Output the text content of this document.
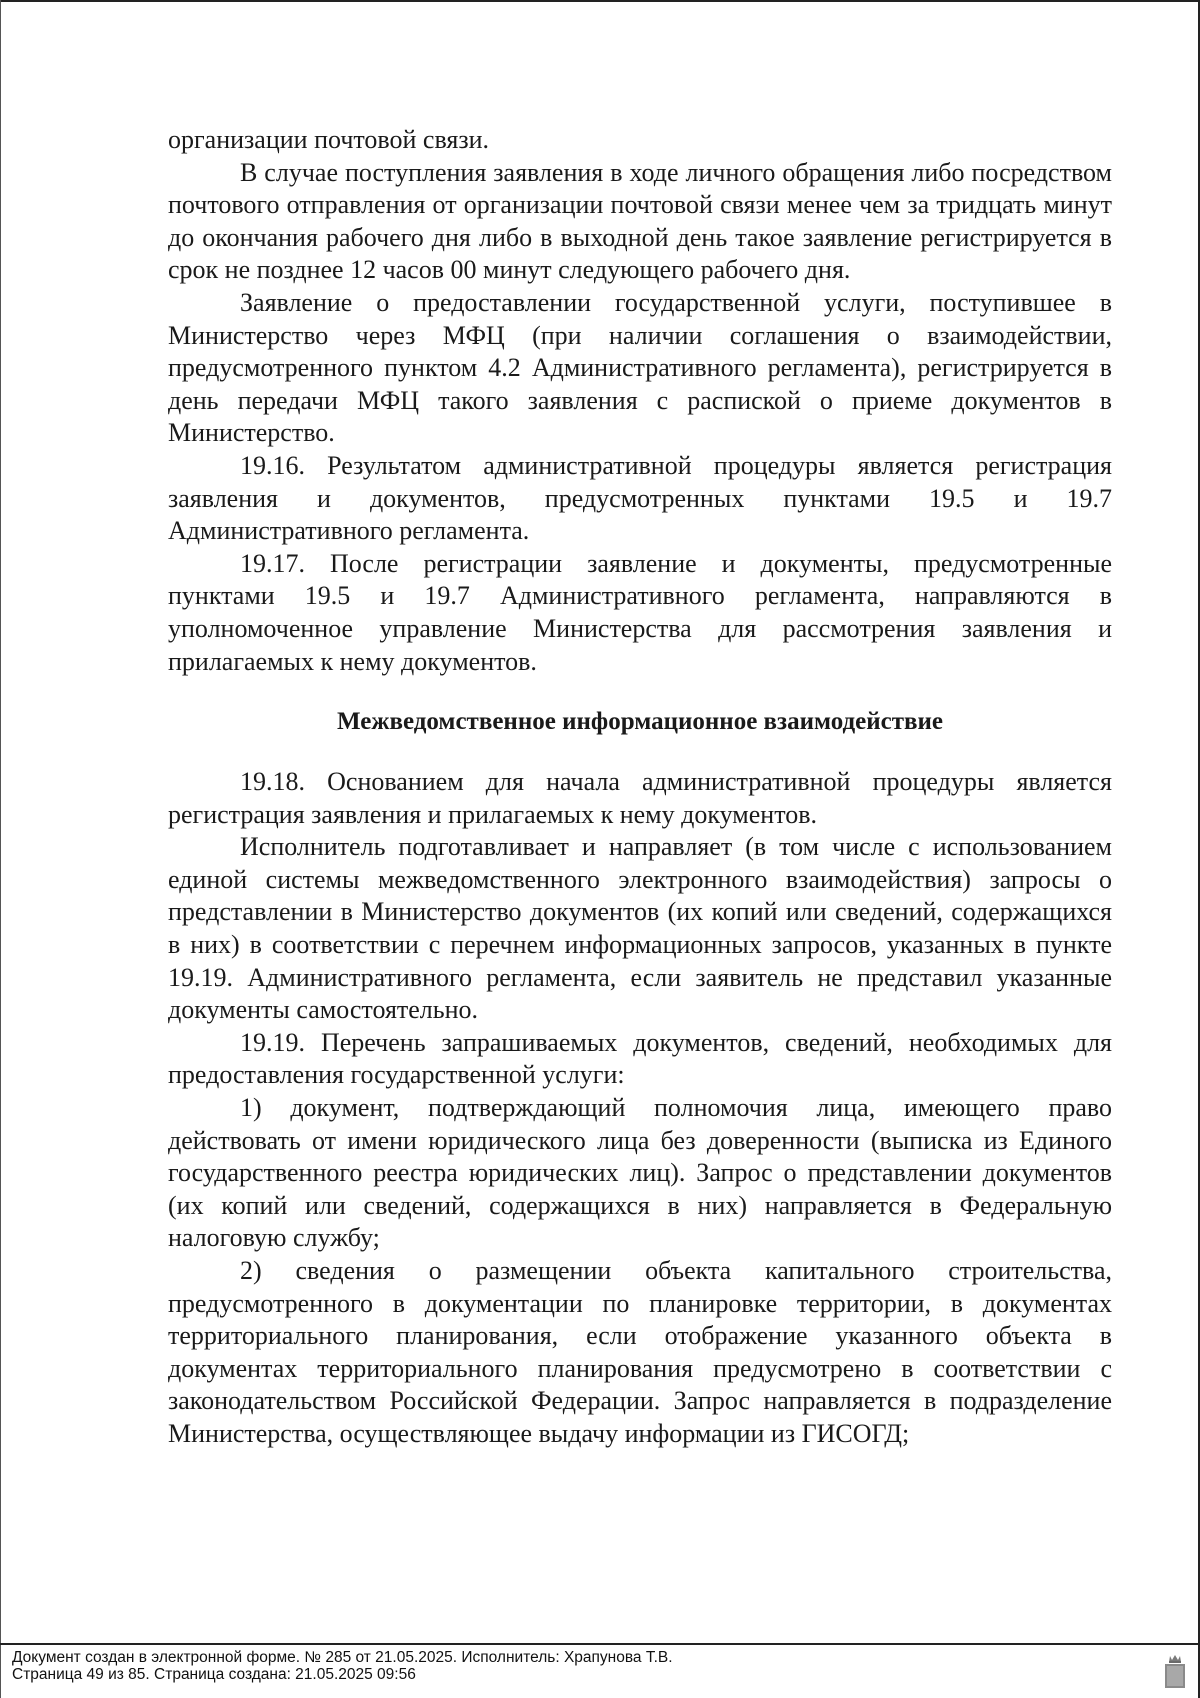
организации почтовой связи.

В случае поступления заявления в ходе личного обращения либо посредством почтового отправления от организации почтовой связи менее чем за тридцать минут до окончания рабочего дня либо в выходной день такое заявление регистрируется в срок не позднее 12 часов 00 минут следующего рабочего дня.

Заявление о предоставлении государственной услуги, поступившее в Министерство через МФЦ (при наличии соглашения о взаимодействии, предусмотренного пунктом 4.2 Административного регламента), регистрируется в день передачи МФЦ такого заявления с распиской о приеме документов в Министерство.

19.16. Результатом административной процедуры является регистрация заявления и документов, предусмотренных пунктами 19.5 и 19.7 Административного регламента.

19.17. После регистрации заявление и документы, предусмотренные пунктами 19.5 и 19.7 Административного регламента, направляются в уполномоченное управление Министерства для рассмотрения заявления и прилагаемых к нему документов.

Межведомственное информационное взаимодействие

19.18. Основанием для начала административной процедуры является регистрация заявления и прилагаемых к нему документов.

Исполнитель подготавливает и направляет (в том числе с использованием единой системы межведомственного электронного взаимодействия) запросы о представлении в Министерство документов (их копий или сведений, содержащихся в них) в соответствии с перечнем информационных запросов, указанных в пункте 19.19. Административного регламента, если заявитель не представил указанные документы самостоятельно.

19.19. Перечень запрашиваемых документов, сведений, необходимых для предоставления государственной услуги:

1) документ, подтверждающий полномочия лица, имеющего право действовать от имени юридического лица без доверенности (выписка из Единого государственного реестра юридических лиц). Запрос о представлении документов (их копий или сведений, содержащихся в них) направляется в Федеральную налоговую службу;

2) сведения о размещении объекта капитального строительства, предусмотренного в документации по планировке территории, в документах территориального планирования, если отображение указанного объекта в документах территориального планирования предусмотрено в соответствии с законодательством Российской Федерации. Запрос направляется в подразделение Министерства, осуществляющее выдачу информации из ГИСОГД;

Документ создан в электронной форме. № 285 от 21.05.2025. Исполнитель: Храпунова Т.В.
Страница 49 из 85. Страница создана: 21.05.2025 09:56
